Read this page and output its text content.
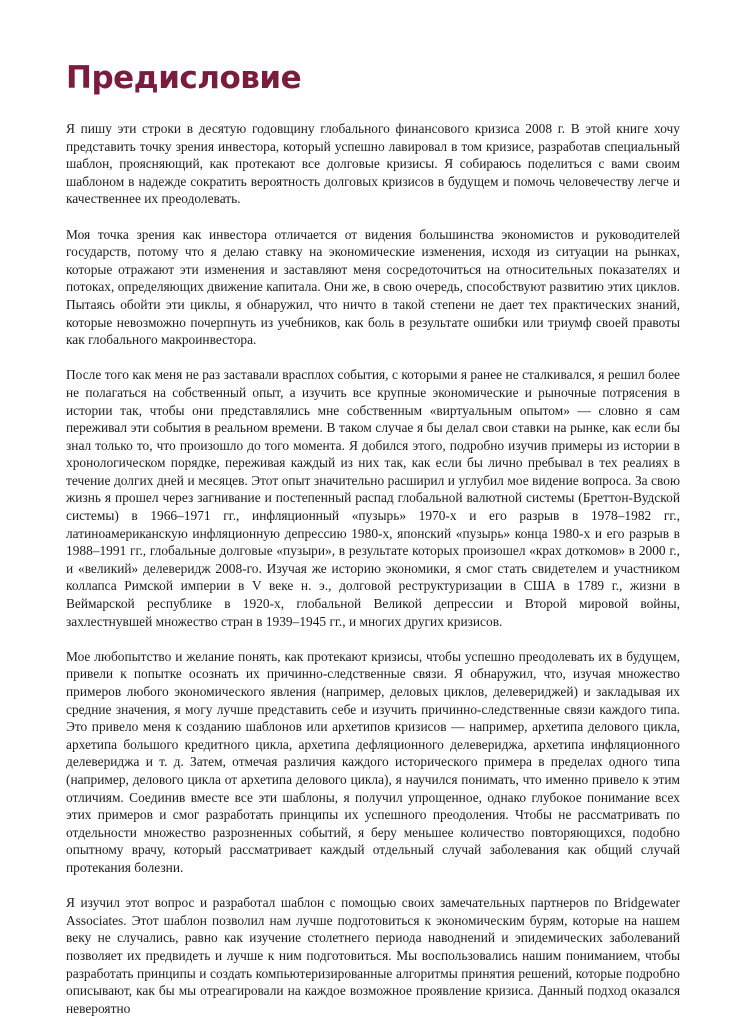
Предисловие

Я пишу эти строки в десятую годовщину глобального финансового кризиса 2008 г. В этой книге хочу представить точку зрения инвестора, который успешно лавировал в том кризисе, разработав специальный шаблон, проясняющий, как протекают все долговые кризисы. Я собираюсь поделиться с вами своим шаблоном в надежде сократить вероятность долговых кризисов в будущем и помочь человечеству легче и качественнее их преодолевать.

Моя точка зрения как инвестора отличается от видения большинства экономистов и руководителей государств, потому что я делаю ставку на экономические изменения, исходя из ситуации на рынках, которые отражают эти изменения и заставляют меня сосредоточиться на относительных показателях и потоках, определяющих движение капитала. Они же, в свою очередь, способствуют развитию этих циклов. Пытаясь обойти эти циклы, я обнаружил, что ничто в такой степени не дает тех практических знаний, которые невозможно почерпнуть из учебников, как боль в результате ошибки или триумф своей правоты как глобального макроинвестора.

После того как меня не раз заставали врасплох события, с которыми я ранее не сталкивался, я решил более не полагаться на собственный опыт, а изучить все крупные экономические и рыночные потрясения в истории так, чтобы они представлялись мне собственным «виртуальным опытом» — словно я сам переживал эти события в реальном времени. В таком случае я бы делал свои ставки на рынке, как если бы знал только то, что произошло до того момента. Я добился этого, подробно изучив примеры из истории в хронологическом порядке, переживая каждый из них так, как если бы лично пребывал в тех реалиях в течение долгих дней и месяцев. Этот опыт значительно расширил и углубил мое видение вопроса. За свою жизнь я прошел через загнивание и постепенный распад глобальной валютной системы (Бреттон-Вудской системы) в 1966–1971 гг., инфляционный «пузырь» 1970-х и его разрыв в 1978–1982 гг., латиноамериканскую инфляционную депрессию 1980-х, японский «пузырь» конца 1980-х и его разрыв в 1988–1991 гг., глобальные долговые «пузыри», в результате которых произошел «крах доткомов» в 2000 г., и «великий» делеверидж 2008-го. Изучая же историю экономики, я смог стать свидетелем и участником коллапса Римской империи в V веке н. э., долговой реструктуризации в США в 1789 г., жизни в Веймарской республике в 1920-х, глобальной Великой депрессии и Второй мировой войны, захлестнувшей множество стран в 1939–1945 гг., и многих других кризисов.

Мое любопытство и желание понять, как протекают кризисы, чтобы успешно преодолевать их в будущем, привели к попытке осознать их причинно-следственные связи. Я обнаружил, что, изучая множество примеров любого экономического явления (например, деловых циклов, делевериджей) и закладывая их средние значения, я могу лучше представить себе и изучить причинно-следственные связи каждого типа. Это привело меня к созданию шаблонов или архетипов кризисов — например, архетипа делового цикла, архетипа большого кредитного цикла, архетипа дефляционного делевериджа, архетипа инфляционного делевериджа и т. д. Затем, отмечая различия каждого исторического примера в пределах одного типа (например, делового цикла от архетипа делового цикла), я научился понимать, что именно привело к этим отличиям. Соединив вместе все эти шаблоны, я получил упрощенное, однако глубокое понимание всех этих примеров и смог разработать принципы их успешного преодоления. Чтобы не рассматривать по отдельности множество разрозненных событий, я беру меньшее количество повторяющихся, подобно опытному врачу, который рассматривает каждый отдельный случай заболевания как общий случай протекания болезни.

Я изучил этот вопрос и разработал шаблон с помощью своих замечательных партнеров по Bridgewater Associates. Этот шаблон позволил нам лучше подготовиться к экономическим бурям, которые на нашем веку не случались, равно как изучение столетнего периода наводнений и эпидемических заболеваний позволяет их предвидеть и лучше к ним подготовиться. Мы воспользовались нашим пониманием, чтобы разработать принципы и создать компьютеризированные алгоритмы принятия решений, которые подробно описывают, как бы мы отреагировали на каждое возможное проявление кризиса. Данный подход оказался невероятно
